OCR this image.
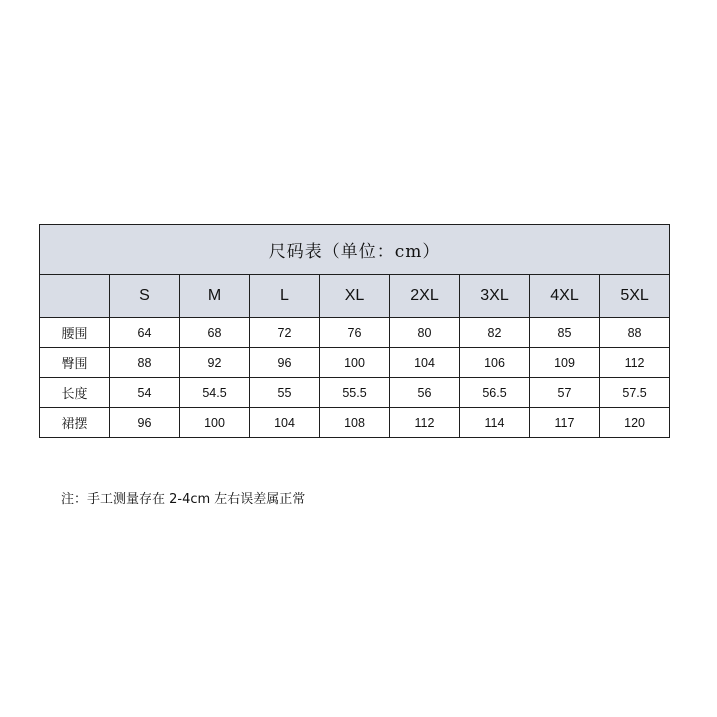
尺码表（单位：cm）								
	S	M	L	XL	2XL	3XL	4XL	5XL
腰围	64	68	72	76	80	82	85	88
臀围	88	92	96	100	104	106	109	112
长度	54	54.5	55	55.5	56	56.5	57	57.5
裙摆	96	100	104	108	112	114	117	120
注：手工测量存在 2-4cm 左右误差属正常
